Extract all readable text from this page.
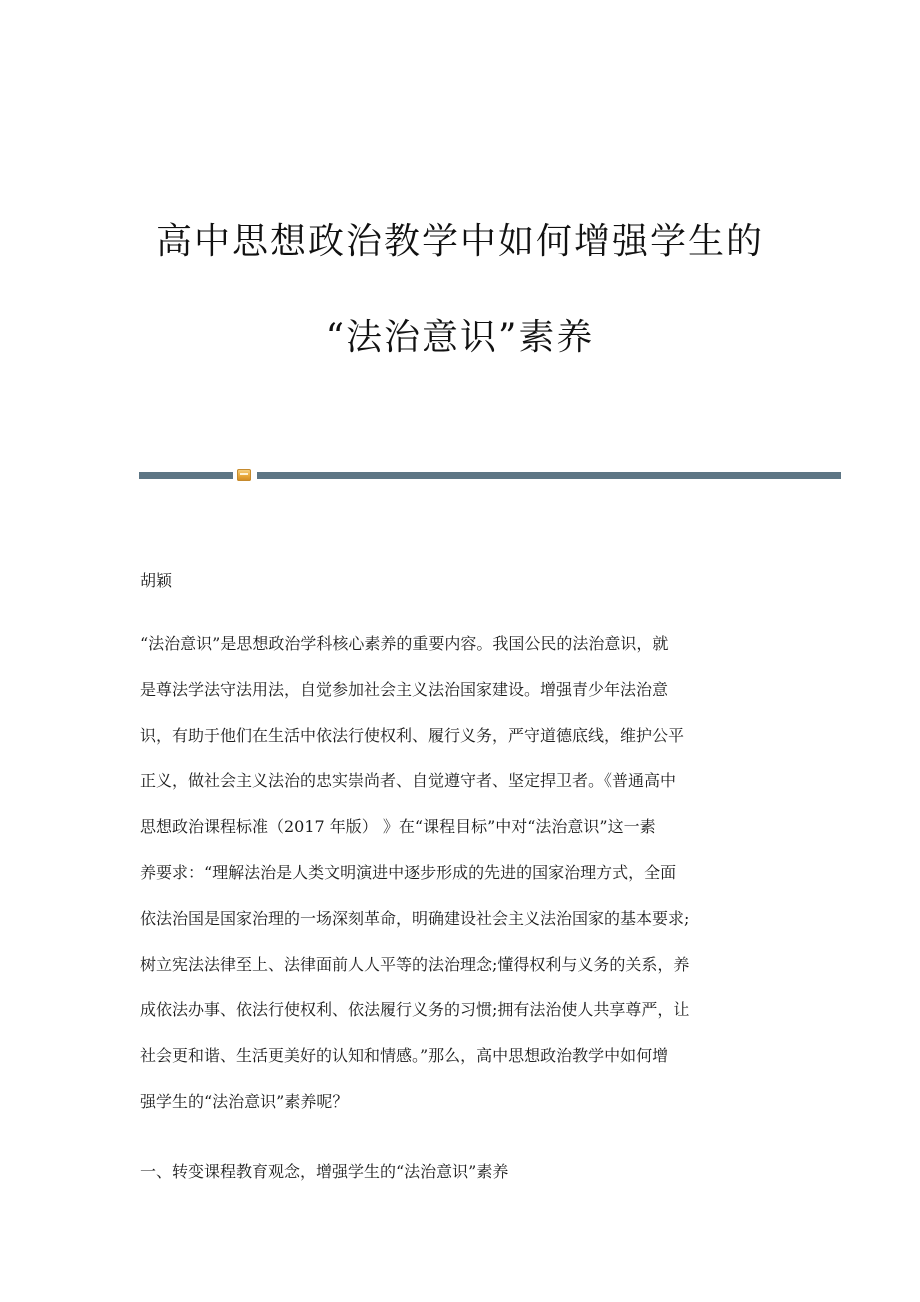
高中思想政治教学中如何增强学生的
“法治意识”素养
胡颖

“法治意识”是思想政治学科核心素养的重要内容。我国公民的法治意识，就

是尊法学法守法用法，自觉参加社会主义法治国家建设。增强青少年法治意

识，有助于他们在生活中依法行使权利、履行义务，严守道德底线，维护公平

正义，做社会主义法治的忠实崇尚者、自觉遵守者、坚定捍卫者。《普通高中

思想政治课程标准（2017 年版） 》在“课程目标”中对“法治意识”这一素

养要求：“理解法治是人类文明演进中逐步形成的先进的国家治理方式，全面

依法治国是国家治理的一场深刻革命，明确建设社会主义法治国家的基本要求;

树立宪法法律至上、法律面前人人平等的法治理念;懂得权利与义务的关系，养

成依法办事、依法行使权利、依法履行义务的习惯;拥有法治使人共享尊严，让

社会更和谐、生活更美好的认知和情感。”那么，高中思想政治教学中如何增

强学生的“法治意识”素养呢？

一、转变课程教育观念，增强学生的“法治意识”素养
